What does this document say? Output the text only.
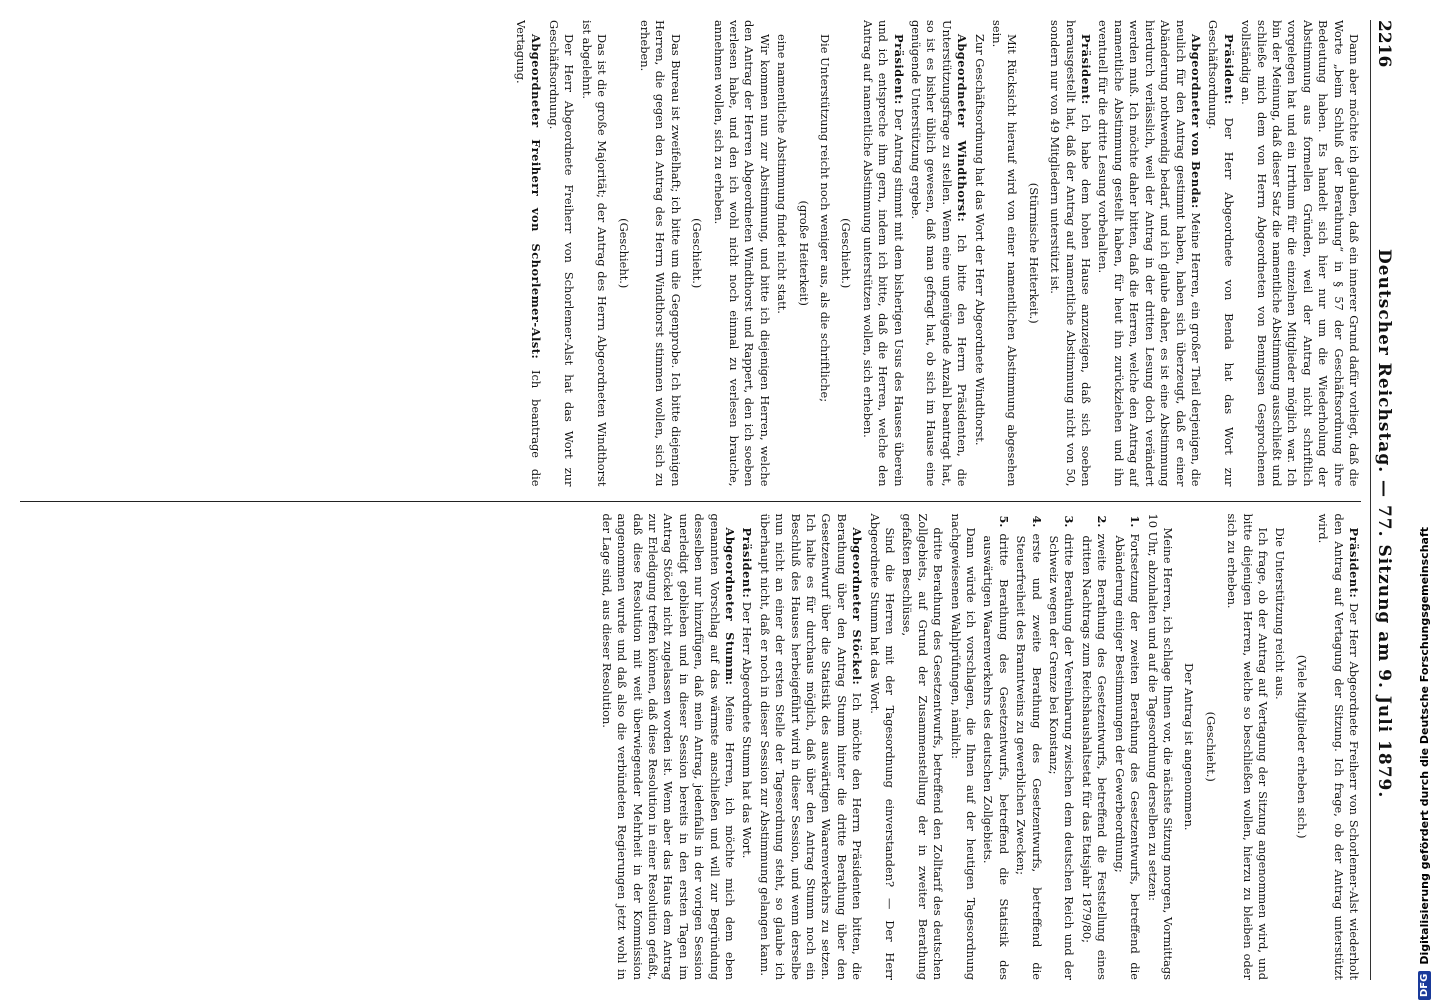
2216
Deutscher Reichstag. — 77. Sitzung am 9. Juli 1879.

Dann aber möchte ich glauben, daß ein innerer Grund dafür vorliegt, daß die Worte „beim Schluß der Berathung“ in § 57 der Geschäftsordnung ihre Bedeutung haben. Es handelt sich hier nur um die Wiederholung der Abstimmung aus formellen Gründen, weil der Antrag nicht schriftlich vorgelegen hat und ein Irrthum für die einzelnen Mitglieder möglich war. Ich bin der Meinung, daß dieser Satz die namentliche Abstimmung ausschließt und schließe mich dem von Herrn Abgeordneten von Bennigsen Gesprochenen vollständig an.

Präsident: Der Herr Abgeordnete von Benda hat das Wort zur Geschäftsordnung.

Abgeordneter von Benda: Meine Herren, ein großer Theil derjenigen, die neulich für den Antrag gestimmt haben, haben sich überzeugt, daß er einer Abänderung nothwendig bedarf, und ich glaube daher, es ist eine Abstimmung hierdurch verlässlich, weil der Antrag in der dritten Lesung doch verändert werden muß. Ich möchte daher bitten, daß die Herren, welche den Antrag auf namentliche Abstimmung gestellt haben, für heut ihn zurückziehen und ihn eventuell für die dritte Lesung vorbehalten.

Präsident: Ich habe dem hohen Hause anzuzeigen, daß sich soeben herausgestellt hat, daß der Antrag auf namentliche Abstimmung nicht von 50, sondern nur von 49 Mitgliedern unterstützt ist.

(Stürmische Heiterkeit.)

Mit Rücksicht hierauf wird von einer namentlichen Abstimmung abgesehen sein.

Zur Geschäftsordnung hat das Wort der Herr Abgeordnete Windthorst.

Abgeordneter Windthorst: Ich bitte den Herrn Präsidenten, die Unterstützungsfrage zu stellen. Wenn eine ungenügende Anzahl beantragt hat, so ist es bisher üblich gewesen, daß man gefragt hat, ob sich im Hause eine genügende Unterstützung ergebe.

Präsident: Der Antrag stimmt mit dem bisherigen Usus des Hauses überein und ich entspreche ihm gern, indem ich bitte, daß die Herren, welche den Antrag auf namentliche Abstimmung unterstützen wollen, sich erheben.

(Geschieht.)

Die Unterstützung reicht noch weniger aus, als die schriftliche;

(große Heiterkeit)

eine namentliche Abstimmung findet nicht statt.

Wir kommen nun zur Abstimmung, und bitte ich diejenigen Herren, welche den Antrag der Herren Abgeordneten Windthorst und Rappert, den ich soeben verlesen habe, und den ich wohl nicht noch einmal zu verlesen brauche, annehmen wollen, sich zu erheben.

(Geschieht.)

Das Bureau ist zweifelhaft; ich bitte um die Gegenprobe. Ich bitte diejenigen Herren, die gegen den Antrag des Herrn Windthorst stimmen wollen, sich zu erheben.

(Geschieht.)

Das ist die große Majorität; der Antrag des Herrn Abgeordneten Windthorst ist abgelehnt.

Der Herr Abgeordnete Freiherr von Schorlemer-Alst hat das Wort zur Geschäftsordnung.

Abgeordneter Freiherr von Schorlemer-Alst: Ich beantrage die Vertagung.

Präsident: Der Herr Abgeordnete Freiherr von Schorlemer-Alst wiederholt den Antrag auf Vertagung der Sitzung. Ich frage, ob der Antrag unterstützt wird.

(Viele Mitglieder erheben sich.)

Die Unterstützung reicht aus.

Ich frage, ob der Antrag auf Vertagung der Sitzung angenommen wird, und bitte diejenigen Herren, welche so beschließen wollen, hierzu zu bleiben oder sich zu erheben.

(Geschieht.)

Der Antrag ist angenommen.

Meine Herren, ich schlage Ihnen vor, die nächste Sitzung morgen, Vormittags 10 Uhr, abzuhalten und auf die Tagesordnung derselben zu setzen:

1.Fortsetzung der zweiten Berathung des Gesetzentwurfs, betreffend die Abänderung einiger Bestimmungen der Gewerbeordnung;

2.zweite Berathung des Gesetzentwurfs, betreffend die Feststellung eines dritten Nachtrags zum Reichshaushaltsetat für das Etatsjahr 1879/80;

3.dritte Berathung der Vereinbarung zwischen dem deutschen Reich und der Schweiz wegen der Grenze bei Konstanz;

4.erste und zweite Berathung des Gesetzentwurfs, betreffend die Steuerfreiheit des Branntweins zu gewerblichen Zwecken;

5.dritte Berathung des Gesetzentwurfs, betreffend die Statistik des auswärtigen Waarenverkehrs des deutschen Zollgebiets.

Dann würde ich vorschlagen, die Ihnen auf der heutigen Tagesordnung nachgewiesenen Wahlprüfungen, nämlich:

dritte Berathung des Gesetzentwurfs, betreffend den Zolltarif des deutschen Zollgebiets, auf Grund der Zusammenstellung der in zweiter Berathung gefaßten Beschlüsse,

Sind die Herren mit der Tagesordnung einverstanden? — Der Herr Abgeordnete Stumm hat das Wort.

Abgeordneter Stöckel: Ich möchte den Herrn Präsidenten bitten, die Berathung über den Antrag Stumm hinter die dritte Berathung über den Gesetzentwurf über die Statistik des auswärtigen Waarenverkehrs zu setzen. Ich halte es für durchaus möglich, daß über den Antrag Stumm noch ein Beschluß des Hauses herbeigeführt wird in dieser Session, und wenn derselbe nun nicht an einer der ersten Stelle der Tagesordnung steht, so glaube ich überhaupt nicht, daß er noch in dieser Session zur Abstimmung gelangen kann.

Präsident: Der Herr Abgeordnete Stumm hat das Wort.

Abgeordneter Stumm: Meine Herren, ich möchte mich dem eben genannten Vorschlag auf das wärmste anschließen und will zur Begründung desselben nur hinzufügen, daß mein Antrag, jedenfalls in der vorigen Session unerledigt geblieben und in dieser Session bereits in den ersten Tagen im Antrag Stöckel nicht zugelassen worden ist. Wenn aber das Haus dem Antrag zur Erledigung treffen können, daß diese Resolution in einer Resolution gefaßt, daß diese Resolution mit weit überwiegender Mehrheit in der Kommission angenommen wurde und daß also die verbündeten Regierungen jetzt wohl in der Lage sind, aus dieser Resolution.

DFG
Digitalisierung gefördert durch die Deutsche Forschungsgemeinschaft
